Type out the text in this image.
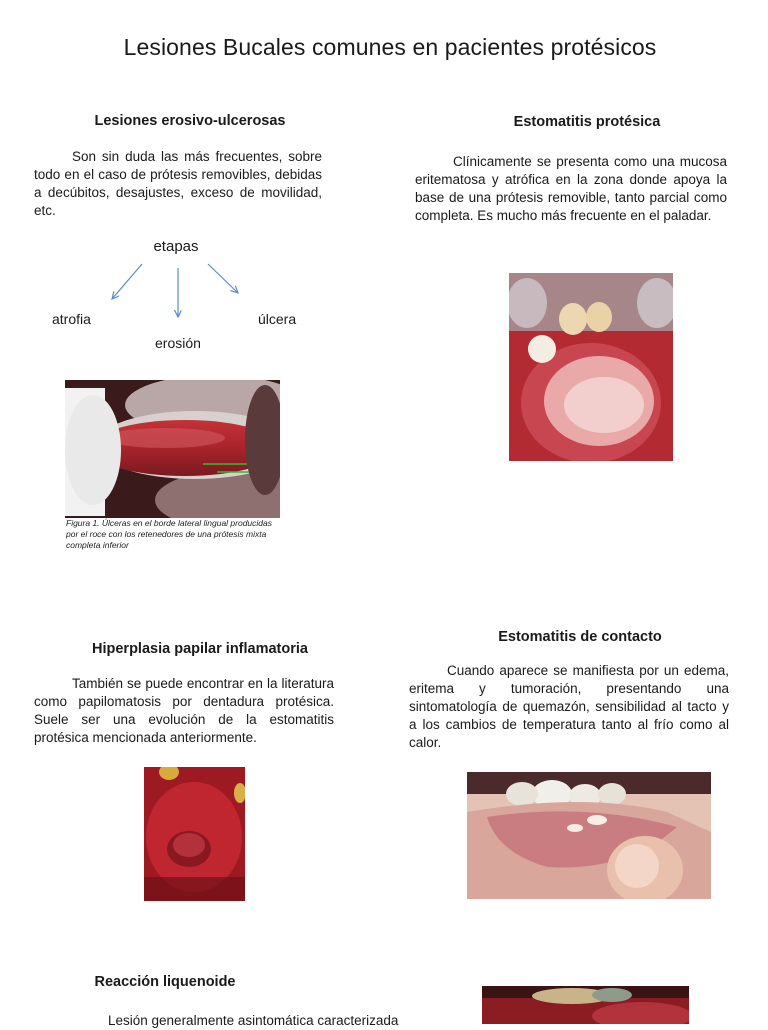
Lesiones Bucales comunes en pacientes protésicos
Lesiones erosivo-ulcerosas
Son sin duda las más frecuentes, sobre todo en el caso de prótesis removibles, debidas a decúbitos, desajustes, exceso de movilidad, etc.
etapas
atrofia
erosión
úlcera
Figura 1. Úlceras en el borde lateral lingual producidas por el roce con los retenedores de una prótesis mixta completa inferior
Estomatitis protésica
Clínicamente se presenta como una mucosa eritematosa y atrófica en la zona donde apoya la base de una prótesis removible, tanto parcial como completa. Es mucho más frecuente en el paladar.
Hiperplasia papilar inflamatoria
También se puede encontrar en la literatura como papilomatosis por dentadura protésica. Suele ser una evolución de la estomatitis protésica mencionada anteriormente.
Estomatitis de contacto
Cuando aparece se manifiesta por un edema, eritema y tumoración, presentando una sintomatología de quemazón, sensibilidad al tacto y a los cambios de temperatura tanto al frío como al calor.
Reacción liquenoide
Lesión generalmente asintomática caracterizada
